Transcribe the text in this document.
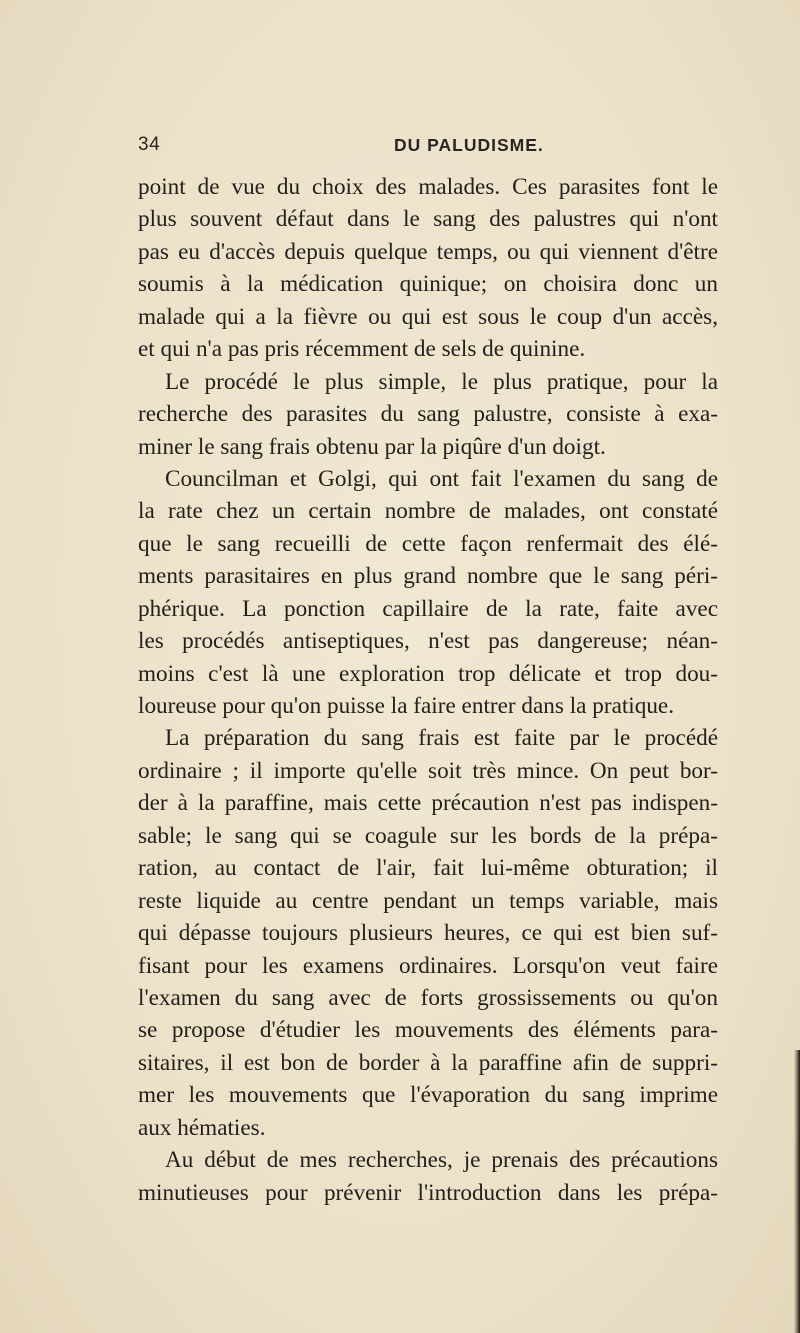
34	DU PALUDISME.
point de vue du choix des malades. Ces parasites font le
plus souvent défaut dans le sang des palustres qui n'ont
pas eu d'accès depuis quelque temps, ou qui viennent d'être
soumis à la médication quinique; on choisira donc un
malade qui a la fièvre ou qui est sous le coup d'un accès,
et qui n'a pas pris récemment de sels de quinine.
Le procédé le plus simple, le plus pratique, pour la
recherche des parasites du sang palustre, consiste à exa-
miner le sang frais obtenu par la piqûre d'un doigt.
Councilman et Golgi, qui ont fait l'examen du sang de
la rate chez un certain nombre de malades, ont constaté
que le sang recueilli de cette façon renfermait des élé-
ments parasitaires en plus grand nombre que le sang péri-
phérique. La ponction capillaire de la rate, faite avec
les procédés antiseptiques, n'est pas dangereuse; néan-
moins c'est là une exploration trop délicate et trop dou-
loureuse pour qu'on puisse la faire entrer dans la pratique.
La préparation du sang frais est faite par le procédé
ordinaire ; il importe qu'elle soit très mince. On peut bor-
der à la paraffine, mais cette précaution n'est pas indispen-
sable; le sang qui se coagule sur les bords de la prépa-
ration, au contact de l'air, fait lui-même obturation; il
reste liquide au centre pendant un temps variable, mais
qui dépasse toujours plusieurs heures, ce qui est bien suf-
fisant pour les examens ordinaires. Lorsqu'on veut faire
l'examen du sang avec de forts grossissements ou qu'on
se propose d'étudier les mouvements des éléments para-
sitaires, il est bon de border à la paraffine afin de suppri-
mer les mouvements que l'évaporation du sang imprime
aux hématies.
Au début de mes recherches, je prenais des précautions
minutieuses pour prévenir l'introduction dans les prépa-
